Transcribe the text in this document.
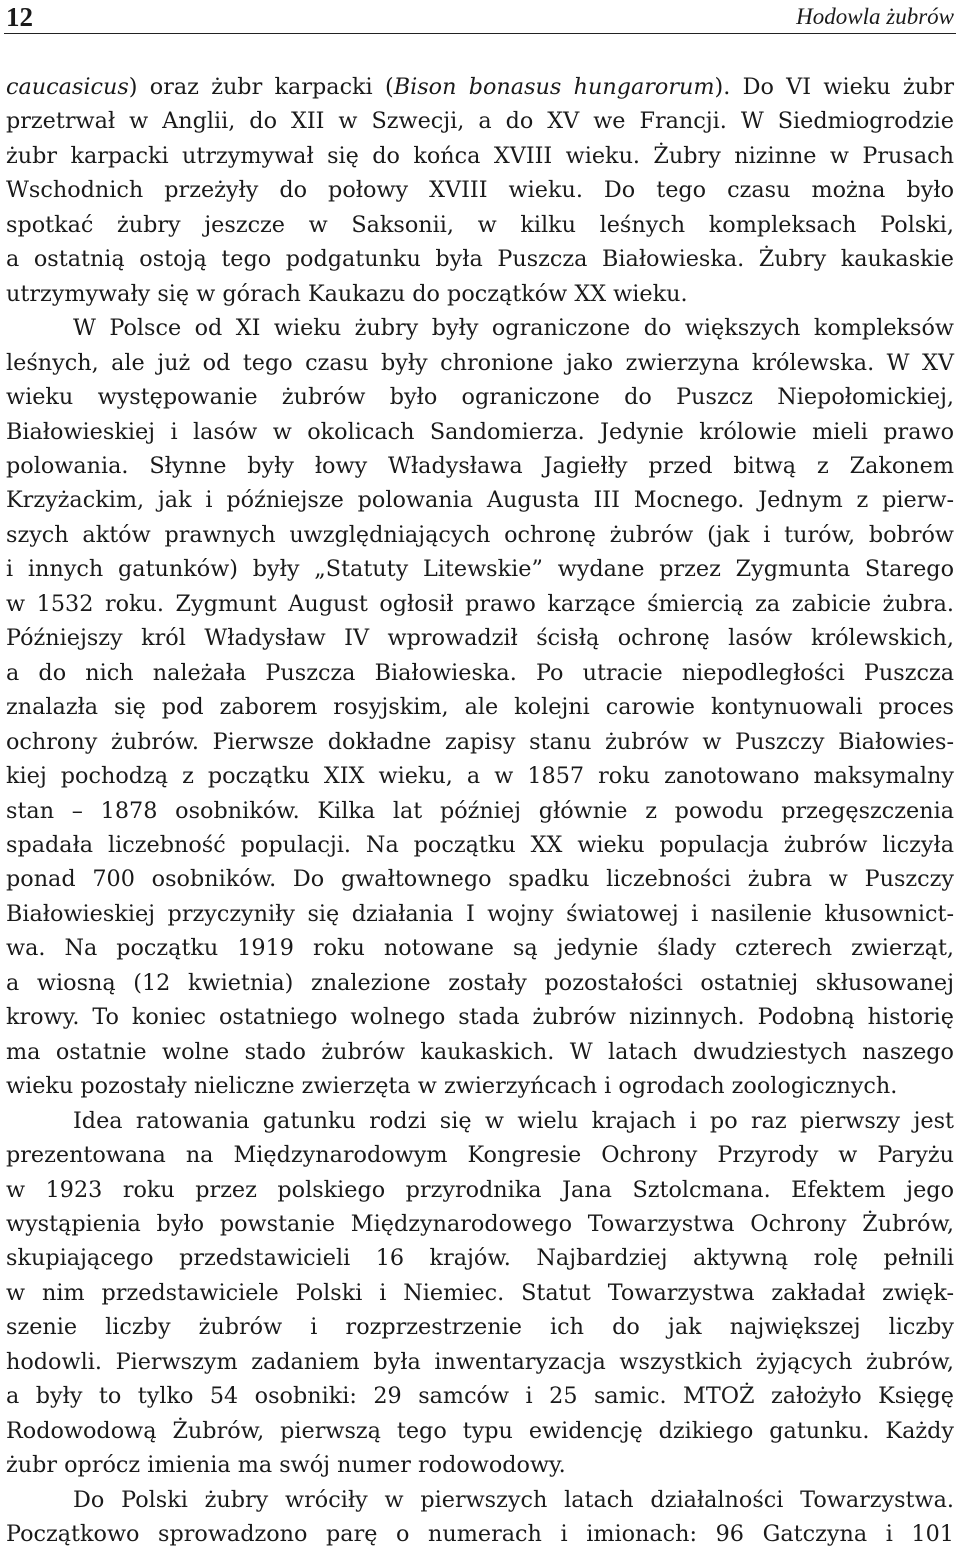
12	Hodowla żubrów
caucasicus) oraz żubr karpacki (Bison bonasus hungarorum). Do VI wieku żubr
przetrwał w Anglii, do XII w Szwecji, a do XV we Francji. W Siedmiogrodzie
żubr karpacki utrzymywał się do końca XVIII wieku. Żubry nizinne w Prusach
Wschodnich przeżyły do połowy XVIII wieku. Do tego czasu można było
spotkać żubry jeszcze w Saksonii, w kilku leśnych kompleksach Polski,
a ostatnią ostoją tego podgatunku była Puszcza Białowieska. Żubry kaukaskie
utrzymywały się w górach Kaukazu do początków XX wieku.
W Polsce od XI wieku żubry były ograniczone do większych kompleksów
leśnych, ale już od tego czasu były chronione jako zwierzyna królewska. W XV
wieku występowanie żubrów było ograniczone do Puszcz Niepołomickiej,
Białowieskiej i lasów w okolicach Sandomierza. Jedynie królowie mieli prawo
polowania. Słynne były łowy Władysława Jagiełły przed bitwą z Zakonem
Krzyżackim, jak i późniejsze polowania Augusta III Mocnego. Jednym z pierw-
szych aktów prawnych uwzględniających ochronę żubrów (jak i turów, bobrów
i innych gatunków) były „Statuty Litewskie” wydane przez Zygmunta Starego
w 1532 roku. Zygmunt August ogłosił prawo karzące śmiercią za zabicie żubra.
Późniejszy król Władysław IV wprowadził ścisłą ochronę lasów królewskich,
a do nich należała Puszcza Białowieska. Po utracie niepodległości Puszcza
znalazła się pod zaborem rosyjskim, ale kolejni carowie kontynuowali proces
ochrony żubrów. Pierwsze dokładne zapisy stanu żubrów w Puszczy Białowies-
kiej pochodzą z początku XIX wieku, a w 1857 roku zanotowano maksymalny
stan – 1878 osobników. Kilka lat później głównie z powodu przegęszczenia
spadała liczebność populacji. Na początku XX wieku populacja żubrów liczyła
ponad 700 osobników. Do gwałtownego spadku liczebności żubra w Puszczy
Białowieskiej przyczyniły się działania I wojny światowej i nasilenie kłusownict-
wa. Na początku 1919 roku notowane są jedynie ślady czterech zwierząt,
a wiosną (12 kwietnia) znalezione zostały pozostałości ostatniej skłusowanej
krowy. To koniec ostatniego wolnego stada żubrów nizinnych. Podobną historię
ma ostatnie wolne stado żubrów kaukaskich. W latach dwudziestych naszego
wieku pozostały nieliczne zwierzęta w zwierzyńcach i ogrodach zoologicznych.
Idea ratowania gatunku rodzi się w wielu krajach i po raz pierwszy jest
prezentowana na Międzynarodowym Kongresie Ochrony Przyrody w Paryżu
w 1923 roku przez polskiego przyrodnika Jana Sztolcmana. Efektem jego
wystąpienia było powstanie Międzynarodowego Towarzystwa Ochrony Żubrów,
skupiającego przedstawicieli 16 krajów. Najbardziej aktywną rolę pełnili
w nim przedstawiciele Polski i Niemiec. Statut Towarzystwa zakładał zwięk-
szenie liczby żubrów i rozprzestrzenie ich do jak największej liczby
hodowli. Pierwszym zadaniem była inwentaryzacja wszystkich żyjących żubrów,
a były to tylko 54 osobniki: 29 samców i 25 samic. MTOŻ założyło Księgę
Rodowodową Żubrów, pierwszą tego typu ewidencję dzikiego gatunku. Każdy
żubr oprócz imienia ma swój numer rodowodowy.
Do Polski żubry wróciły w pierwszych latach działalności Towarzystwa.
Początkowo sprowadzono parę o numerach i imionach: 96 Gatczyna i 101
